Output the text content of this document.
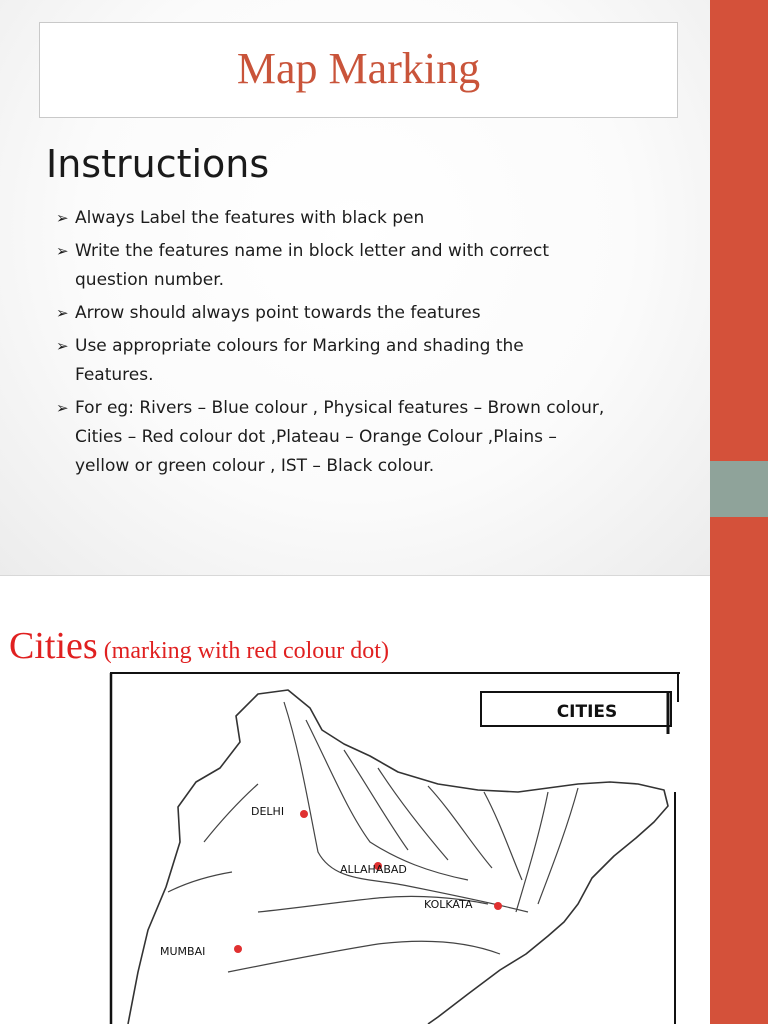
Map Marking
Instructions
➢ Always Label the features with black pen
➢ Write the features name in block letter and with correct
question number.
➢ Arrow should always point towards the features
➢ Use appropriate colours for Marking and shading the
Features.
➢ For eg: Rivers – Blue colour , Physical features – Brown colour,
Cities – Red colour dot ,Plateau – Orange Colour ,Plains –
yellow or green colour , IST – Black colour.
Cities (marking with red colour dot)
CITIES
DELHI
ALLAHABAD
KOLKATA
MUMBAI
